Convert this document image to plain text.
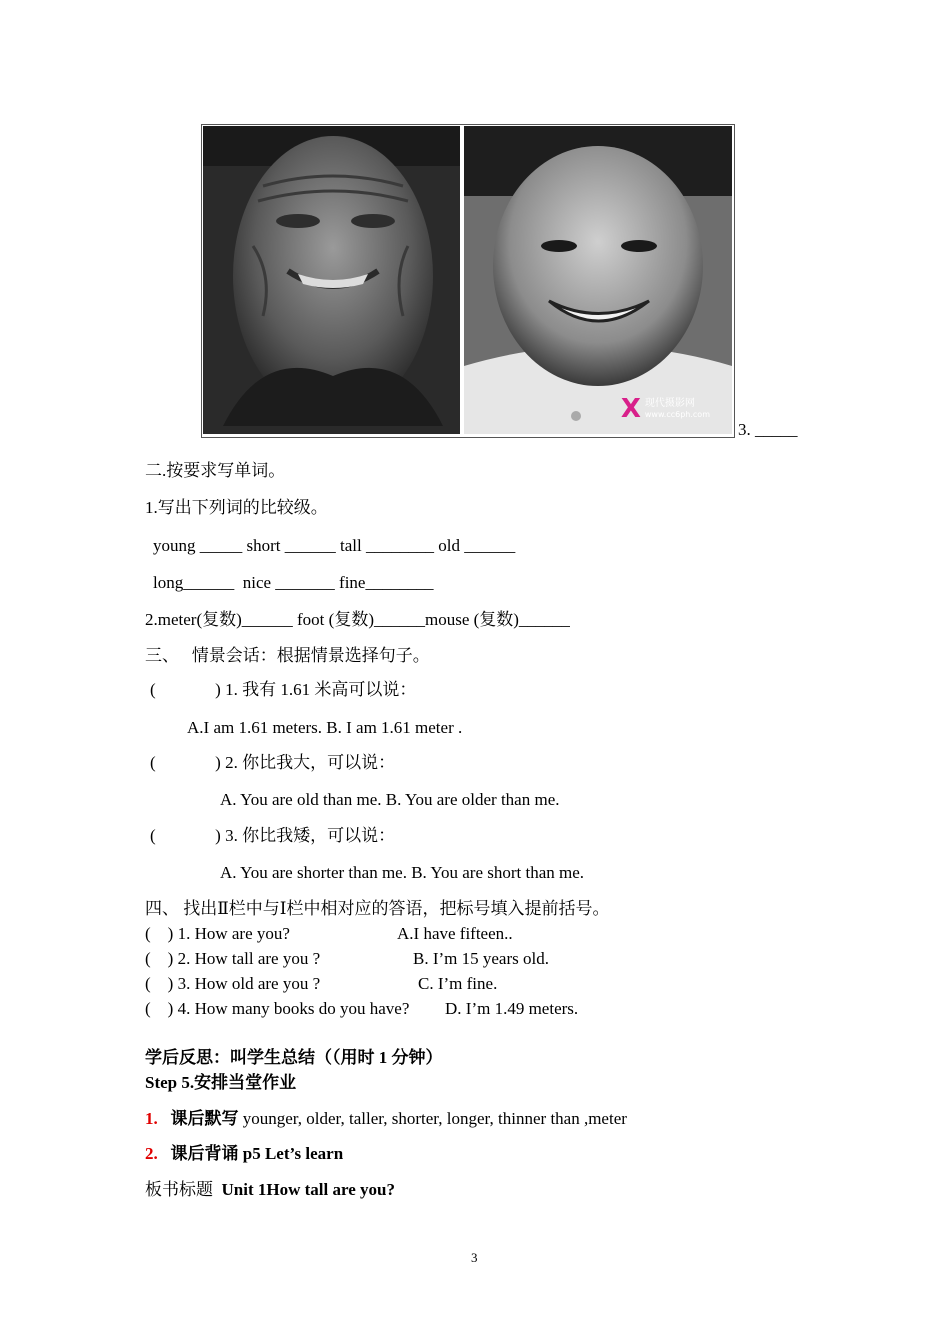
X 现代摄影网
www.cc6ph.com
3. _____
二.按要求写单词。
1.写出下列词的比较级。
young _____ short ______ tall ________ old ______
long______  nice _______ fine________
2.meter(复数)______ foot (复数)______mouse (复数)______
三、   情景会话：根据情景选择句子。
(              ) 1. 我有 1.61 米高可以说：
A.I am 1.61 meters. B. I am 1.61 meter .
(              ) 2. 你比我大，可以说：
A. You are old than me. B. You are older than me.
(              ) 3. 你比我矮，可以说：
A. You are shorter than me. B. You are short than me.
四、 找出Ⅱ栏中与Ⅰ栏中相对应的答语，把标号填入提前括号。
(    ) 1. How are you?	A.I have fifteen..
(    ) 2. How tall are you ?	B. I’m 15 years old.
(    ) 3. How old are you ?	C. I’m fine.
(    ) 4. How many books do you have? D. I’m 1.49 meters.
学后反思：叫学生总结（（用时 1 分钟）
Step 5.安排当堂作业
1. 课后默写 younger, older, taller, shorter, longer, thinner than ,meter
2. 课后背诵 p5 Let’s learn
板书标题  Unit 1How tall are you?
3
